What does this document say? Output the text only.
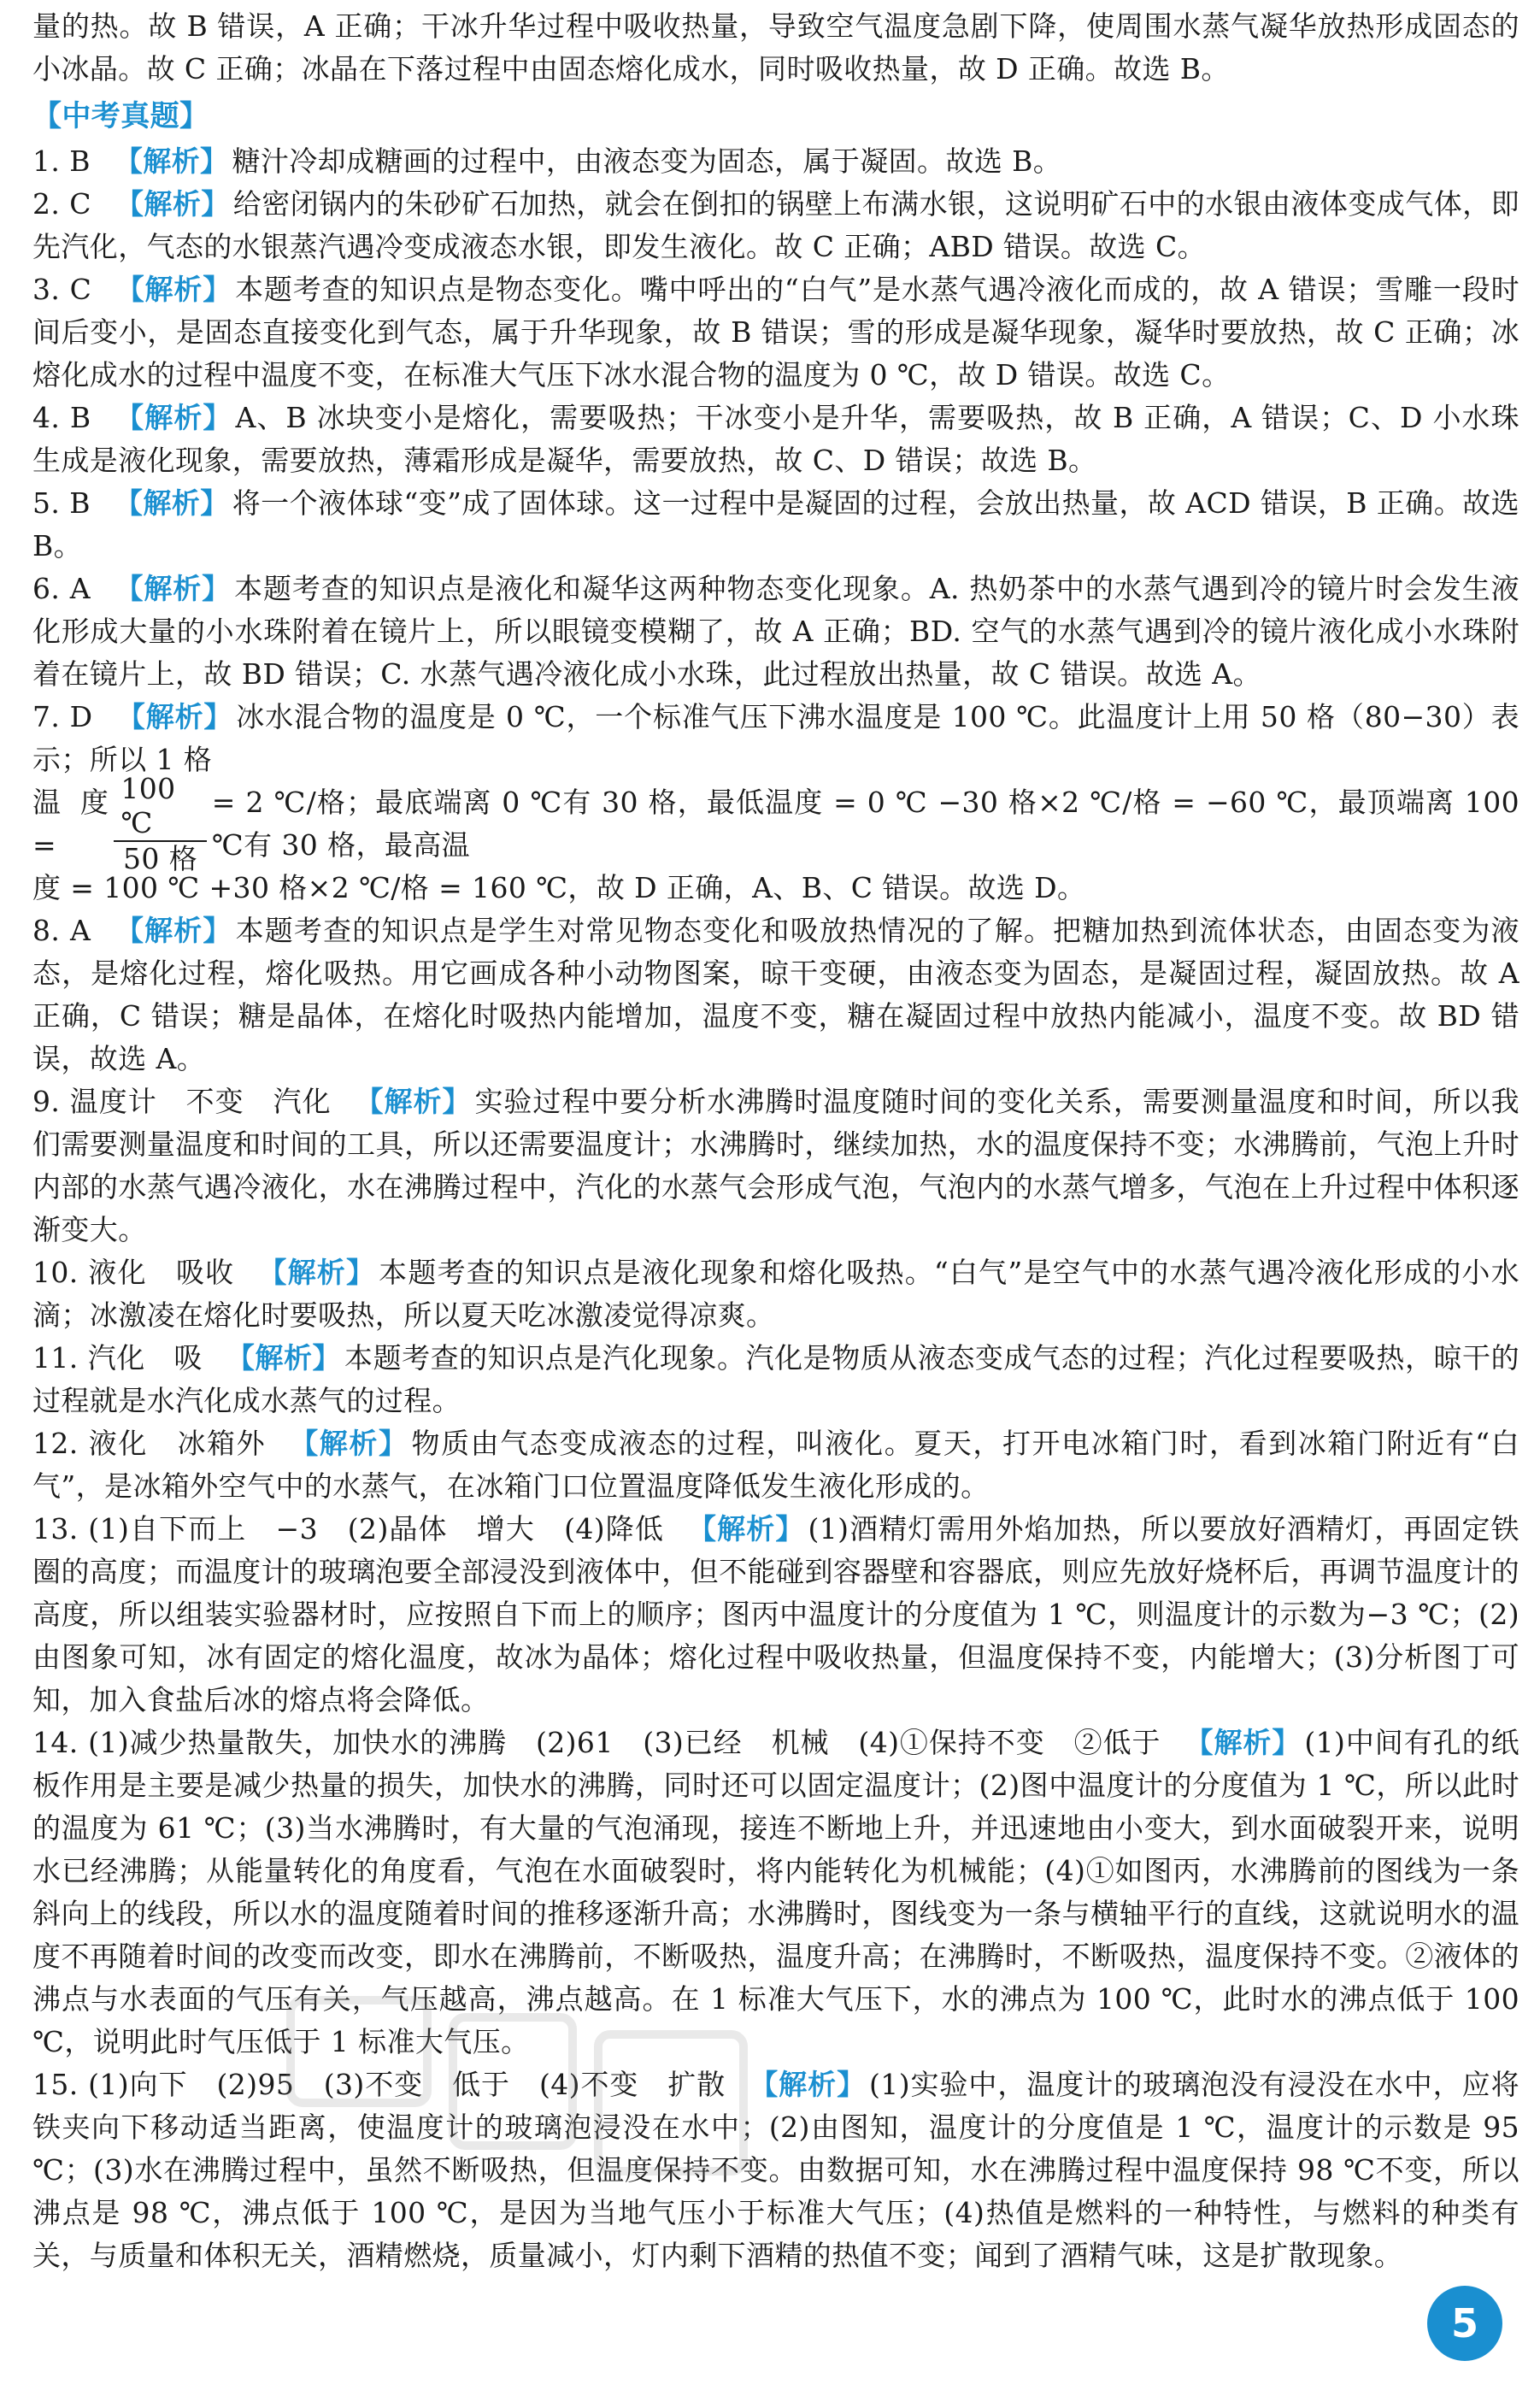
量的热。故 B 错误，A 正确；干冰升华过程中吸收热量，导致空气温度急剧下降，使周围水蒸气凝华放热形成固态的小冰晶。故 C 正确；冰晶在下落过程中由固态熔化成水，同时吸收热量，故 D 正确。故选 B。

【中考真题】

1. B 【解析】 糖汁冷却成糖画的过程中，由液态变为固态，属于凝固。故选 B。

2. C 【解析】 给密闭锅内的朱砂矿石加热，就会在倒扣的锅壁上布满水银，这说明矿石中的水银由液体变成气体，即先汽化，气态的水银蒸汽遇冷变成液态水银，即发生液化。故 C 正确；ABD 错误。故选 C。

3. C 【解析】 本题考查的知识点是物态变化。嘴中呼出的“白气”是水蒸气遇冷液化而成的，故 A 错误；雪雕一段时间后变小，是固态直接变化到气态，属于升华现象，故 B 错误；雪的形成是凝华现象，凝华时要放热，故 C 正确；冰熔化成水的过程中温度不变，在标准大气压下冰水混合物的温度为 0 ℃，故 D 错误。故选 C。

4. B 【解析】 A、B 冰块变小是熔化，需要吸热；干冰变小是升华，需要吸热，故 B 正确，A 错误；C、D 小水珠生成是液化现象，需要放热，薄霜形成是凝华，需要放热，故 C、D 错误；故选 B。

5. B 【解析】 将一个液体球“变”成了固体球。这一过程中是凝固的过程，会放出热量，故 ACD 错误，B 正确。故选 B。

6. A 【解析】 本题考查的知识点是液化和凝华这两种物态变化现象。A. 热奶茶中的水蒸气遇到冷的镜片时会发生液化形成大量的小水珠附着在镜片上，所以眼镜变模糊了，故 A 正确；BD. 空气的水蒸气遇到冷的镜片液化成小水珠附着在镜片上，故 BD 错误；C. 水蒸气遇冷液化成小水珠，此过程放出热量，故 C 错误。故选 A。

7. D 【解析】 冰水混合物的温度是 0 ℃，一个标准气压下沸水温度是 100 ℃。此温度计上用 50 格（80−30）表示；所以 1 格

温度 =	$\frac{100 ℃}{\text{50 格}} = 2$ ℃/格；最底端离 0 ℃有 30 格，最低温度 = 0 ℃ −30 格×2 ℃/格 = −60 ℃，最顶端离 100 ℃有 30 格，最高温

度 = 100 ℃ +30 格×2 ℃/格 = 160 ℃，故 D 正确，A、B、C 错误。故选 D。

8. A 【解析】 本题考查的知识点是学生对常见物态变化和吸放热情况的了解。把糖加热到流体状态，由固态变为液态，是熔化过程，熔化吸热。用它画成各种小动物图案，晾干变硬，由液态变为固态，是凝固过程，凝固放热。故 A 正确，C 错误；糖是晶体，在熔化时吸热内能增加，温度不变，糖在凝固过程中放热内能减小，温度不变。故 BD 错误，故选 A。

9. 温度计　不变　汽化 【解析】 实验过程中要分析水沸腾时温度随时间的变化关系，需要测量温度和时间，所以我们需要测量温度和时间的工具，所以还需要温度计；水沸腾时，继续加热，水的温度保持不变；水沸腾前，气泡上升时内部的水蒸气遇冷液化，水在沸腾过程中，汽化的水蒸气会形成气泡，气泡内的水蒸气增多，气泡在上升过程中体积逐渐变大。

10. 液化　吸收 【解析】 本题考查的知识点是液化现象和熔化吸热。“白气”是空气中的水蒸气遇冷液化形成的小水滴；冰激凌在熔化时要吸热，所以夏天吃冰激凌觉得凉爽。

11. 汽化　吸 【解析】 本题考查的知识点是汽化现象。汽化是物质从液态变成气态的过程；汽化过程要吸热，晾干的过程就是水汽化成水蒸气的过程。

12. 液化　冰箱外 【解析】 物质由气态变成液态的过程，叫液化。夏天，打开电冰箱门时，看到冰箱门附近有“白气”，是冰箱外空气中的水蒸气，在冰箱门口位置温度降低发生液化形成的。

13. (1)自下而上　−3　(2)晶体　增大　(4)降低 【解析】 (1)酒精灯需用外焰加热，所以要放好酒精灯，再固定铁圈的高度；而温度计的玻璃泡要全部浸没到液体中，但不能碰到容器壁和容器底，则应先放好烧杯后，再调节温度计的高度，所以组装实验器材时，应按照自下而上的顺序；图丙中温度计的分度值为 1 ℃，则温度计的示数为−3 ℃；(2)由图象可知，冰有固定的熔化温度，故冰为晶体；熔化过程中吸收热量，但温度保持不变，内能增大；(3)分析图丁可知，加入食盐后冰的熔点将会降低。

14. (1)减少热量散失，加快水的沸腾　(2)61　(3)已经　机械　(4)①保持不变　②低于 【解析】 (1)中间有孔的纸板作用是主要是减少热量的损失，加快水的沸腾，同时还可以固定温度计；(2)图中温度计的分度值为 1 ℃，所以此时的温度为 61 ℃；(3)当水沸腾时，有大量的气泡涌现，接连不断地上升，并迅速地由小变大，到水面破裂开来，说明水已经沸腾；从能量转化的角度看，气泡在水面破裂时，将内能转化为机械能；(4)①如图丙，水沸腾前的图线为一条斜向上的线段，所以水的温度随着时间的推移逐渐升高；水沸腾时，图线变为一条与横轴平行的直线，这就说明水的温度不再随着时间的改变而改变，即水在沸腾前，不断吸热，温度升高；在沸腾时，不断吸热，温度保持不变。②液体的沸点与水表面的气压有关，气压越高，沸点越高。在 1 标准大气压下，水的沸点为 100 ℃，此时水的沸点低于 100 ℃，说明此时气压低于 1 标准大气压。

15. (1)向下　(2)95　(3)不变　低于　(4)不变　扩散 【解析】 (1)实验中，温度计的玻璃泡没有浸没在水中，应将铁夹向下移动适当距离，使温度计的玻璃泡浸没在水中；(2)由图知，温度计的分度值是 1 ℃，温度计的示数是 95 ℃；(3)水在沸腾过程中，虽然不断吸热，但温度保持不变。由数据可知，水在沸腾过程中温度保持 98 ℃不变，所以沸点是 98 ℃，沸点低于 100 ℃，是因为当地气压小于标准大气压；(4)热值是燃料的一种特性，与燃料的种类有关，与质量和体积无关，酒精燃烧，质量减小，灯内剩下酒精的热值不变；闻到了酒精气味，这是扩散现象。

5
